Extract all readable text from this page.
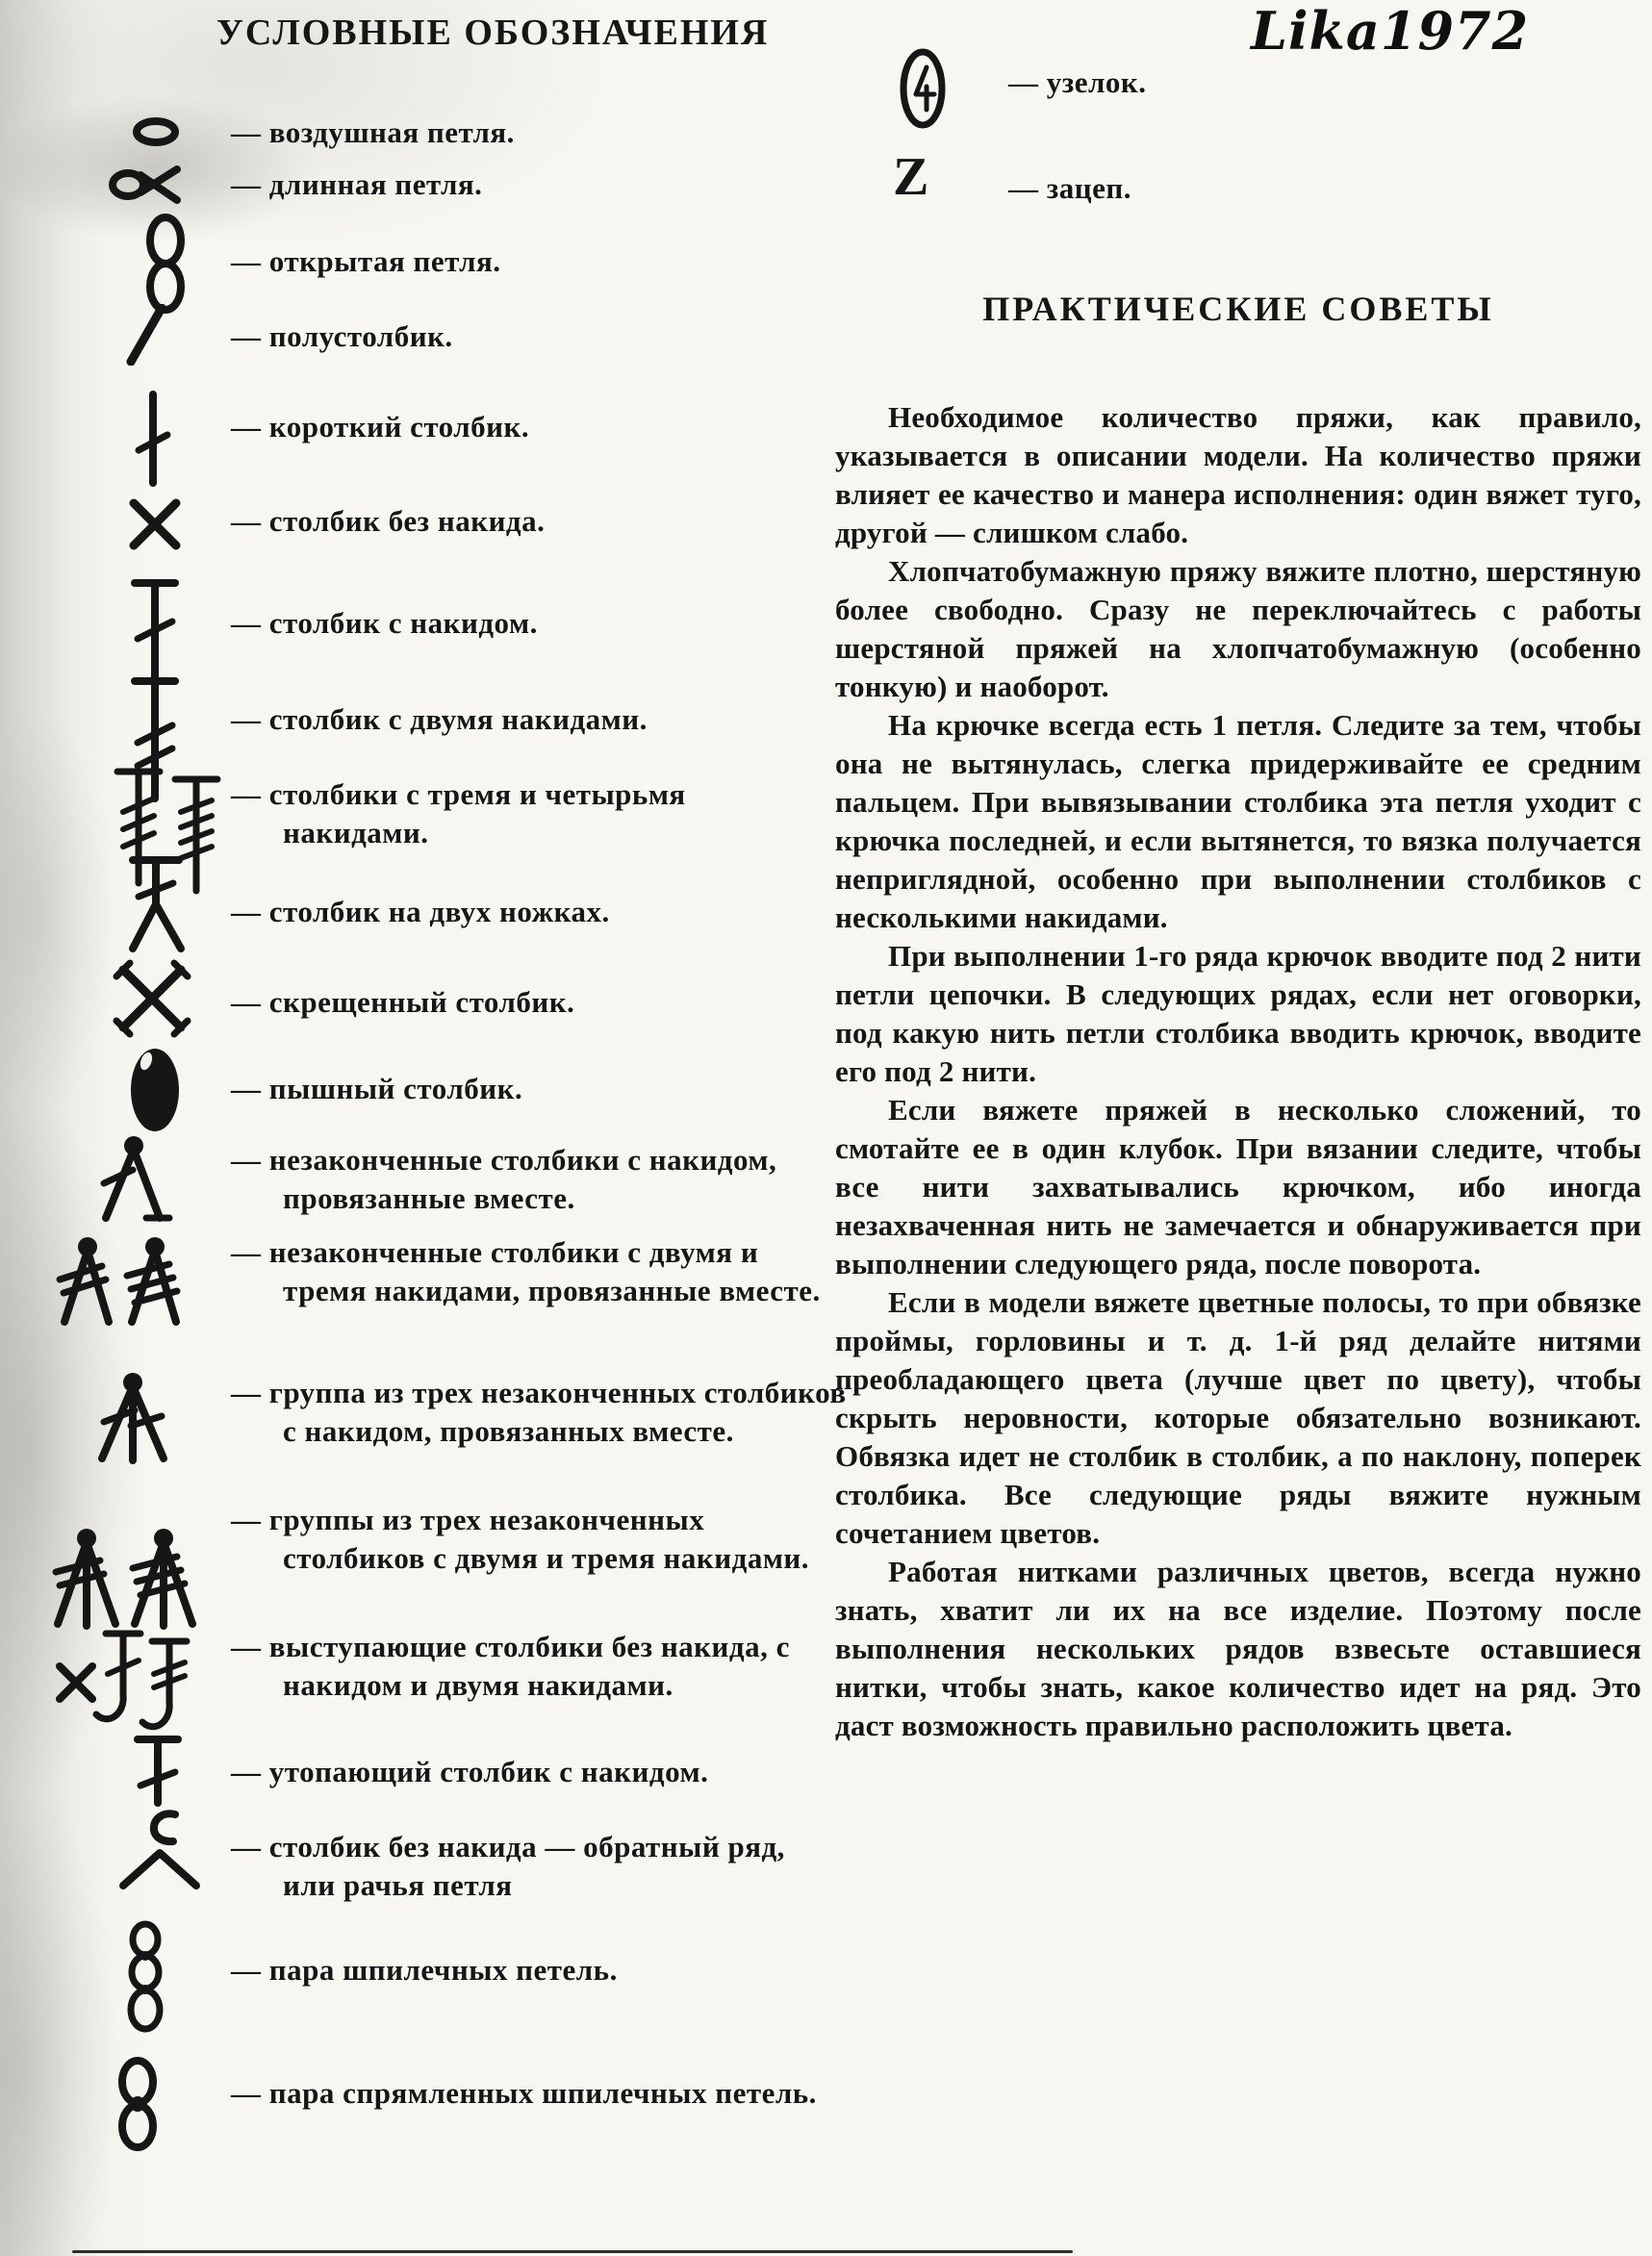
Lika1972
УСЛОВНЫЕ ОБОЗНАЧЕНИЯ
— воздушная петля.
— длинная петля.
— открытая петля.
— полустолбик.
— короткий столбик.
— столбик без накида.
— столбик с накидом.
— столбик с двумя накидами.
— столбики с тремя и четырьмя накидами.
— столбик на двух ножках.
— скрещенный столбик.
— пышный столбик.
— незаконченные столбики с накидом, провязанные вместе.
— незаконченные столбики с двумя и тремя накидами, провязанные вместе.
— группа из трех незаконченных столбиков с накидом, провязанных вместе.
— группы из трех незаконченных столбиков с двумя и тремя накидами.
— выступающие столбики без накида, с накидом и двумя накидами.
— утопающий столбик с накидом.
— столбик без накида — обратный ряд, или рачья петля
— пара шпилечных петель.
— пара спрямленных шпилечных петель.
— узелок.
Z	— зацеп.
ПРАКТИЧЕСКИЕ СОВЕТЫ

Необходимое количество пряжи, как правило, указывается в описании модели. На количество пряжи влияет ее качество и манера исполнения: один вяжет туго, другой — слишком слабо.

Хлопчатобумажную пряжу вяжите плотно, шерстяную более свободно. Сразу не переключайтесь с работы шерстяной пряжей на хлопчатобумажную (особенно тонкую) и наоборот.

На крючке всегда есть 1 петля. Следите за тем, чтобы она не вытянулась, слегка придерживайте ее средним пальцем. При вывязывании столбика эта петля уходит с крючка последней, и если вытянется, то вязка получается неприглядной, особенно при выполнении столбиков с несколькими накидами.

При выполнении 1-го ряда крючок вводите под 2 нити петли цепочки. В следующих рядах, если нет оговорки, под какую нить петли столбика вводить крючок, вводите его под 2 нити.

Если вяжете пряжей в несколько сложений, то смотайте ее в один клубок. При вязании следите, чтобы все нити захватывались крючком, ибо иногда незахваченная нить не замечается и обнаруживается при выполнении следующего ряда, после поворота.

Если в модели вяжете цветные полосы, то при обвязке проймы, горловины и т. д. 1-й ряд делайте нитями преобладающего цвета (лучше цвет по цвету), чтобы скрыть неровности, которые обязательно возникают. Обвязка идет не столбик в столбик, а по наклону, поперек столбика. Все следующие ряды вяжите нужным сочетанием цветов.

Работая нитками различных цветов, всегда нужно знать, хватит ли их на все изделие. Поэтому после выполнения нескольких рядов взвесьте оставшиеся нитки, чтобы знать, какое количество идет на ряд. Это даст возможность правильно расположить цвета.
